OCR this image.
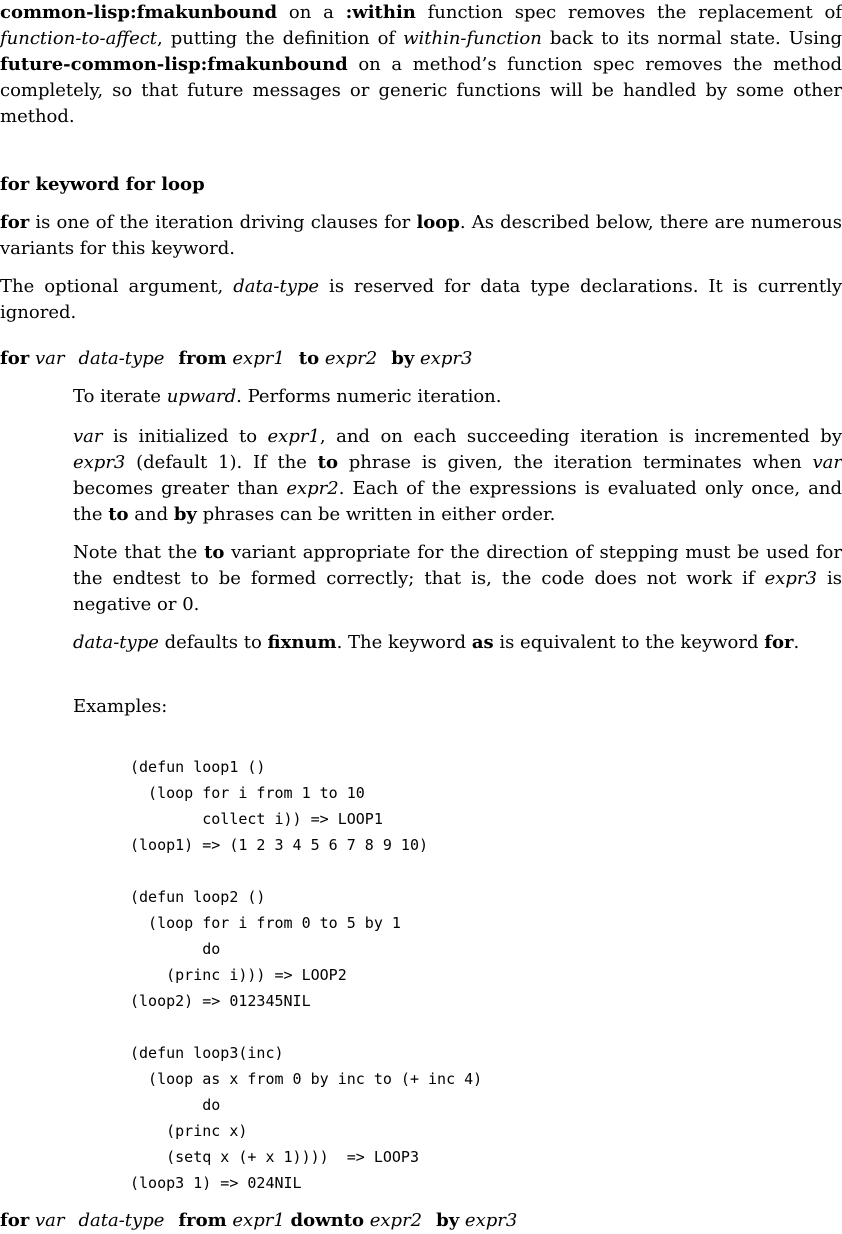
common-lisp:fmakunbound on a :within function spec removes the replacement of function-to-affect, putting the definition of within-function back to its normal state. Using future-common-lisp:fmakunbound on a method’s function spec removes the method completely, so that future messages or generic functions will be handled by some other method.

for keyword for loop

for is one of the iteration driving clauses for loop. As described below, there are numerous variants for this keyword.

The optional argument, data-type is reserved for data type declarations. It is currently ignored.

for var data-type from expr1 to expr2 by expr3

To iterate upward. Performs numeric iteration.

var is initialized to expr1, and on each succeeding iteration is incremented by expr3 (default 1). If the to phrase is given, the iteration terminates when var becomes greater than expr2. Each of the expressions is evaluated only once, and the to and by phrases can be written in either order.

Note that the to variant appropriate for the direction of stepping must be used for the endtest to be formed correctly; that is, the code does not work if expr3 is negative or 0.

data-type defaults to fixnum. The keyword as is equivalent to the keyword for.

Examples:

(defun loop1 ()
(loop for i from 1 to 10
collect i)) => LOOP1
(loop1) => (1 2 3 4 5 6 7 8 9 10)

(defun loop2 ()
(loop for i from 0 to 5 by 1
do
(princ i))) => LOOP2
(loop2) => 012345NIL

(defun loop3(inc)
(loop as x from 0 by inc to (+ inc 4)
do
(princ x)
(setq x (+ x 1))))  => LOOP3
(loop3 1) => 024NIL
for var data-type from expr1 downto expr2 by expr3
